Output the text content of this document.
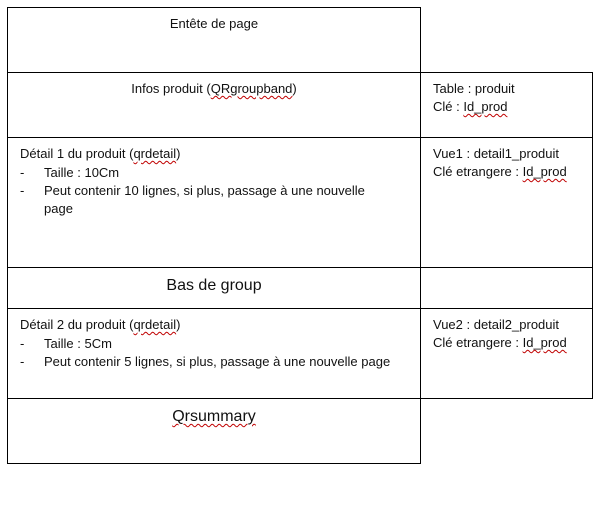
Entête de page
Infos produit (QRgroupband)	Table : produit
Clé : Id_prod
Détail 1 du produit (qrdetail)
- Taille : 10Cm
- Peut contenir 10 lignes, si plus, passage à une nouvelle
page
Vue1 : detail1_produit
Clé etrangere : Id_prod
Bas de group
Détail 2 du produit (qrdetail)
- Taille : 5Cm
- Peut contenir 5 lignes, si plus, passage à une nouvelle page
Vue2 : detail2_produit
Clé etrangere : Id_prod
Qrsummary
